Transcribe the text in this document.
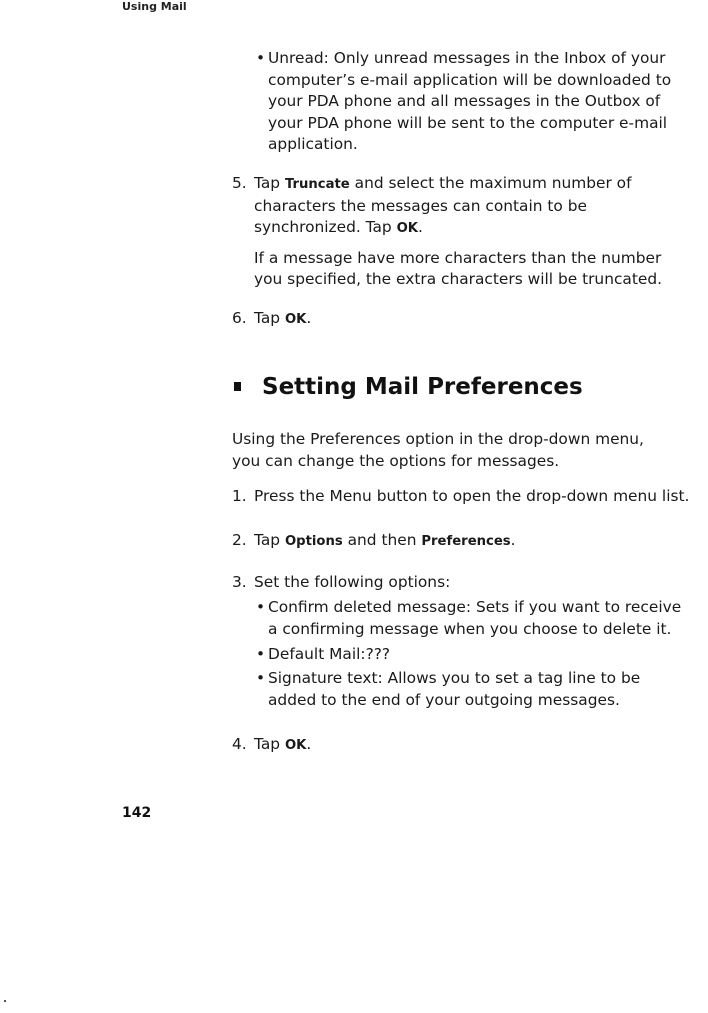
Using Mail
• Unread: Only unread messages in the Inbox of your
computer’s e-mail application will be downloaded to
your PDA phone and all messages in the Outbox of
your PDA phone will be sent to the computer e-mail
application.
5. Tap Truncate and select the maximum number of
characters the messages can contain to be
synchronized. Tap OK.
If a message have more characters than the number
you specified, the extra characters will be truncated.
6. Tap OK.
Setting Mail Preferences
Using the Preferences option in the drop-down menu,
you can change the options for messages.
1. Press the Menu button to open the drop-down menu list.
2. Tap Options and then Preferences.
3. Set the following options:
• Confirm deleted message: Sets if you want to receive
a confirming message when you choose to delete it.
• Default Mail:???
• Signature text: Allows you to set a tag line to be
added to the end of your outgoing messages.
4. Tap OK.
142
